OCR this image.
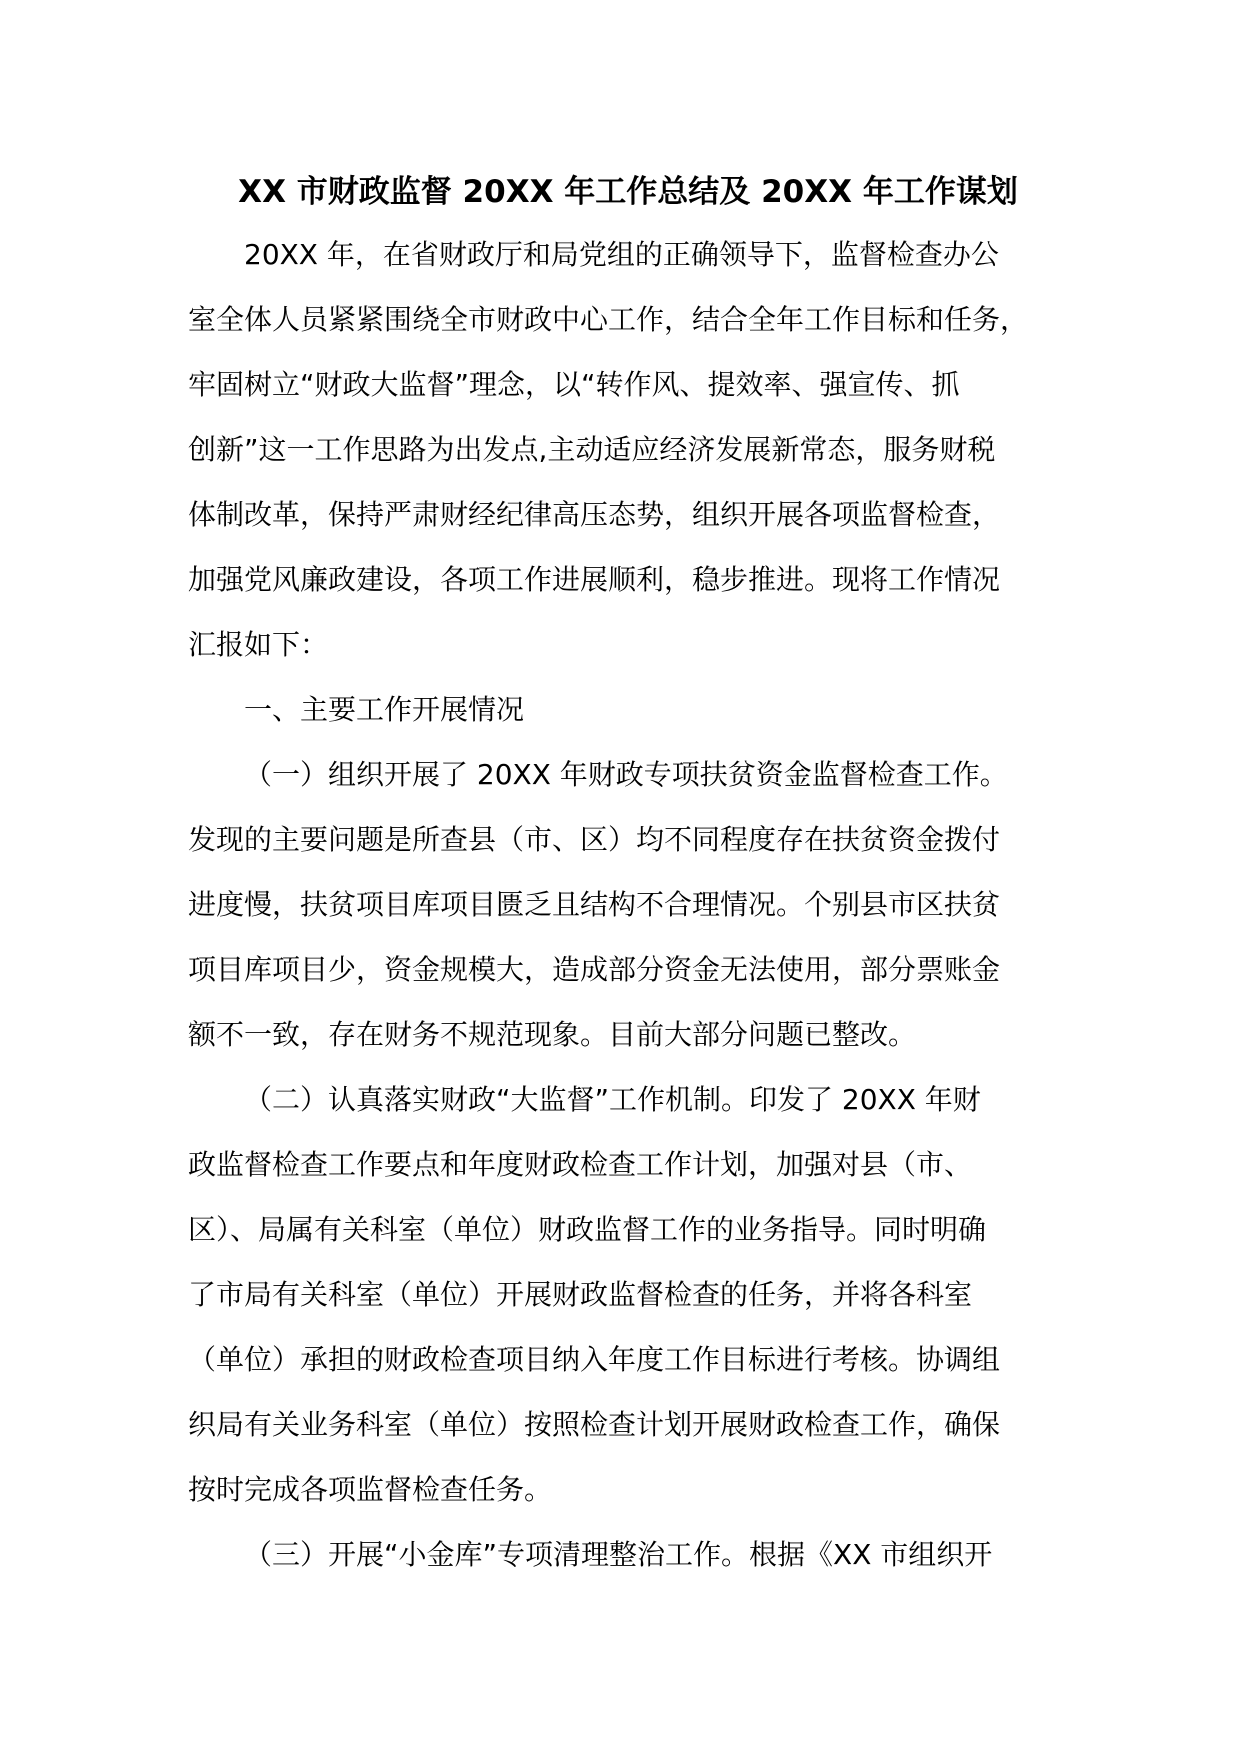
XX 市财政监督 20XX 年工作总结及 20XX 年工作谋划

20XX 年，在省财政厅和局党组的正确领导下，监督检查办公
室全体人员紧紧围绕全市财政中心工作，结合全年工作目标和任务，
牢固树立“财政大监督”理念，以“转作风、提效率、强宣传、抓
创新”这一工作思路为出发点,主动适应经济发展新常态，服务财税
体制改革，保持严肃财经纪律高压态势，组织开展各项监督检查，
加强党风廉政建设，各项工作进展顺利，稳步推进。现将工作情况
汇报如下：

一、主要工作开展情况

（一）组织开展了 20XX 年财政专项扶贫资金监督检查工作。
发现的主要问题是所查县（市、区）均不同程度存在扶贫资金拨付
进度慢，扶贫项目库项目匮乏且结构不合理情况。个别县市区扶贫
项目库项目少，资金规模大，造成部分资金无法使用，部分票账金
额不一致，存在财务不规范现象。目前大部分问题已整改。

（二）认真落实财政“大监督”工作机制。印发了 20XX 年财
政监督检查工作要点和年度财政检查工作计划，加强对县（市、
区）、局属有关科室（单位）财政监督工作的业务指导。同时明确
了市局有关科室（单位）开展财政监督检查的任务，并将各科室
（单位）承担的财政检查项目纳入年度工作目标进行考核。协调组
织局有关业务科室（单位）按照检查计划开展财政检查工作，确保
按时完成各项监督检查任务。

（三）开展“小金库”专项清理整治工作。根据《XX 市组织开
